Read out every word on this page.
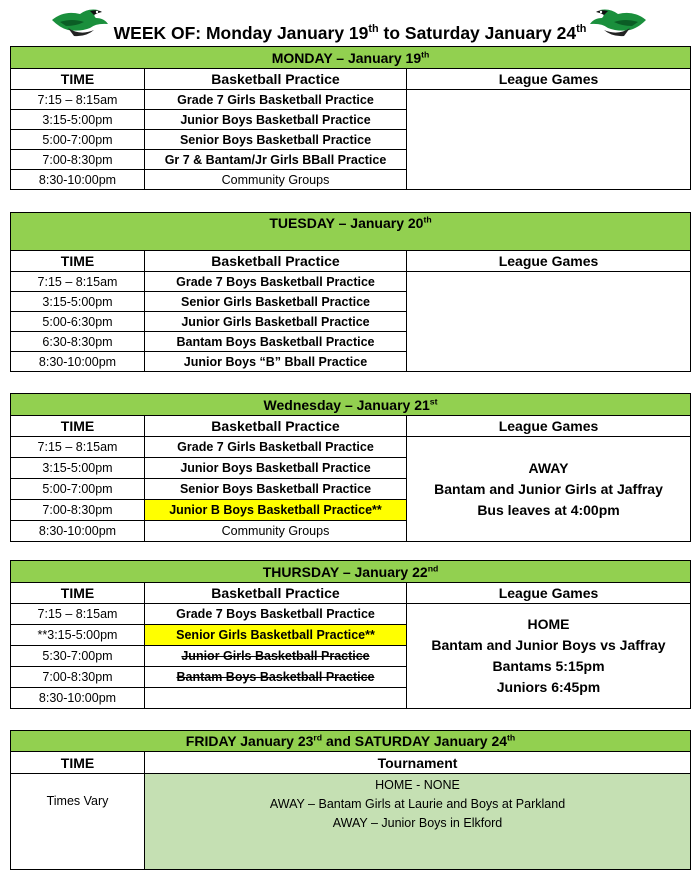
WEEK OF: Monday January 19th to Saturday January 24th
MONDAY – January 19th
TIME	Basketball Practice	League Games
7:15 – 8:15am	Grade 7 Girls Basketball Practice	
3:15-5:00pm	Junior Boys Basketball Practice	
5:00-7:00pm	Senior Boys Basketball Practice	
7:00-8:30pm	Gr 7 & Bantam/Jr Girls BBall Practice	
8:30-10:00pm	Community Groups	
TUESDAY – January 20th
TIME	Basketball Practice	League Games
7:15 – 8:15am	Grade 7 Boys Basketball Practice	
3:15-5:00pm	Senior Girls Basketball Practice	
5:00-6:30pm	Junior Girls Basketball Practice	
6:30-8:30pm	Bantam Boys Basketball Practice	
8:30-10:00pm	Junior Boys “B” Bball Practice	
Wednesday – January 21st
TIME	Basketball Practice	League Games
7:15 – 8:15am	Grade 7 Girls Basketball Practice	AWAY
Bantam and Junior Girls at Jaffray
Bus leaves at 4:00pm

3:15-5:00pm	Junior Boys Basketball Practice	
5:00-7:00pm	Senior Boys Basketball Practice	
7:00-8:30pm	Junior B Boys Basketball Practice**	
8:30-10:00pm	Community Groups	
THURSDAY – January 22nd
TIME	Basketball Practice	League Games
7:15 – 8:15am	Grade 7 Boys Basketball Practice	HOME
Bantam and Junior Boys vs Jaffray
Bantams 5:15pm
Juniors 6:45pm

**3:15-5:00pm	Senior Girls Basketball Practice**	
5:30-7:00pm	Junior Girls Basketball Practice	
7:00-8:30pm	Bantam Boys Basketball Practice	
8:30-10:00pm		
FRIDAY January 23rd and SATURDAY January 24th
TIME	Tournament
Times Vary	HOME - NONE
AWAY – Bantam Girls at Laurie and Boys at Parkland
AWAY – Junior Boys in Elkford
